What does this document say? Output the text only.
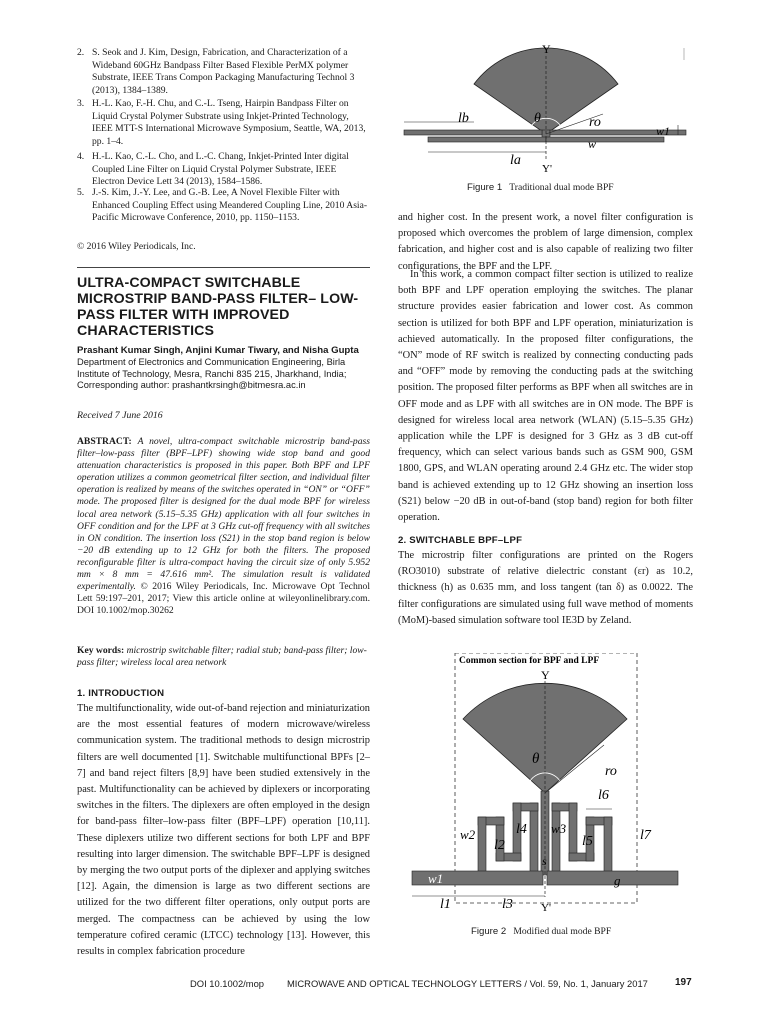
2. S. Seok and J. Kim, Design, Fabrication, and Characterization of a Wideband 60GHz Bandpass Filter Based Flexible PerMX polymer Substrate, IEEE Trans Compon Packaging Manufacturing Technol 3 (2013), 1384–1389.
3. H.-L. Kao, F.-H. Chu, and C.-L. Tseng, Hairpin Bandpass Filter on Liquid Crystal Polymer Substrate using Inkjet-Printed Technology, IEEE MTT-S International Microwave Symposium, Seattle, WA, 2013, pp. 1–4.
4. H.-L. Kao, C.-L. Cho, and L.-C. Chang, Inkjet-Printed Inter digital Coupled Line Filter on Liquid Crystal Polymer Substrate, IEEE Electron Device Lett 34 (2013), 1584–1586.
5. J.-S. Kim, J.-Y. Lee, and G.-B. Lee, A Novel Flexible Filter with Enhanced Coupling Effect using Meandered Coupling Line, 2010 Asia-Pacific Microwave Conference, 2010, pp. 1150–1153.
© 2016 Wiley Periodicals, Inc.
ULTRA-COMPACT SWITCHABLE MICROSTRIP BAND-PASS FILTER– LOW-PASS FILTER WITH IMPROVED CHARACTERISTICS
Prashant Kumar Singh, Anjini Kumar Tiwary, and Nisha Gupta
Department of Electronics and Communication Engineering, Birla Institute of Technology, Mesra, Ranchi 835 215, Jharkhand, India; Corresponding author: prashantkrsingh@bitmesra.ac.in
Received 7 June 2016
ABSTRACT: A novel, ultra-compact switchable microstrip band-pass filter–low-pass filter (BPF–LPF) showing wide stop band and good attenuation characteristics is proposed in this paper. Both BPF and LPF operation utilizes a common geometrical filter section, and individual filter operation is realized by means of the switches operated in “ON” or “OFF” mode. The proposed filter is designed for the dual mode BPF for wireless local area network (5.15–5.35 GHz) application with all four switches in OFF condition and for the LPF at 3 GHz cut-off frequency with all switches in ON condition. The insertion loss (S21) in the stop band region is below −20 dB extending up to 12 GHz for both the filters. The proposed reconfigurable filter is ultra-compact having the circuit size of only 5.952 mm × 8 mm = 47.616 mm². The simulation result is validated experimentally. © 2016 Wiley Periodicals, Inc. Microwave Opt Technol Lett 59:197–201, 2017; View this article online at wileyonlinelibrary.com. DOI 10.1002/mop.30262
Key words: microstrip switchable filter; radial stub; band-pass filter; low-pass filter; wireless local area network
1. INTRODUCTION
The multifunctionality, wide out-of-band rejection and miniaturization are the most essential features of modern microwave/wireless communication system. The traditional methods to design microstrip filters are well documented [1]. Switchable multifunctional BPFs [2–7] and band reject filters [8,9] have been studied extensively in the past. Multifunctionality can be achieved by diplexers or incorporating switches in the filters. The diplexers are often employed in the design for band-pass filter–low-pass filter (BPF–LPF) operation [10,11]. These diplexers utilize two different sections for both LPF and BPF resulting into larger dimension. The switchable BPF–LPF is designed by merging the two output ports of the diplexer and applying switches [12]. Again, the dimension is large as two different sections are utilized for the two different filter operations, only output ports are merged. The compactness can be achieved by using the low temperature cofired ceramic (LTCC) technology [13]. However, this results in complex fabrication procedure
Y
Y'
lb	θ	ro
w1
w
la
Figure 1 Traditional dual mode BPF
and higher cost. In the present work, a novel filter configuration is proposed which overcomes the problem of large dimension, complex fabrication, and higher cost and is also capable of realizing two filter configurations, the BPF and the LPF.
In this work, a common compact filter section is utilized to realize both BPF and LPF operation employing the switches. The planar structure provides easier fabrication and lower cost. As common section is utilized for both BPF and LPF operation, miniaturization is achieved automatically. In the proposed filter configurations, the “ON” mode of RF switch is realized by connecting conducting pads and “OFF” mode by removing the conducting pads at the switching position. The proposed filter performs as BPF when all switches are in OFF mode and as LPF with all switches are in ON mode. The BPF is designed for wireless local area network (WLAN) (5.15–5.35 GHz) application while the LPF is designed for 3 GHz as 3 dB cut-off frequency, which can select various bands such as GSM 900, GSM 1800, GPS, and WLAN operating around 2.4 GHz etc. The wider stop band is achieved extending up to 12 GHz showing an insertion loss (S21) below −20 dB in out-of-band (stop band) region for both filter operation.
2. SWITCHABLE BPF–LPF
The microstrip filter configurations are printed on the Rogers (RO3010) substrate of relative dielectric constant (εr) as 10.2, thickness (h) as 0.635 mm, and loss tangent (tan δ) as 0.0022. The filter configurations are simulated using full wave method of moments (MoM)-based simulation software tool IE3D by Zeland.
Common section for BPF and LPF
Y
Y'
θ
ro
l6
l7
w2	l4 w3
l5
l2
s
g
w1
l1	l3
Figure 2 Modified dual mode BPF
DOI 10.1002/mop MICROWAVE AND OPTICAL TECHNOLOGY LETTERS / Vol. 59, No. 1, January 2017	197
